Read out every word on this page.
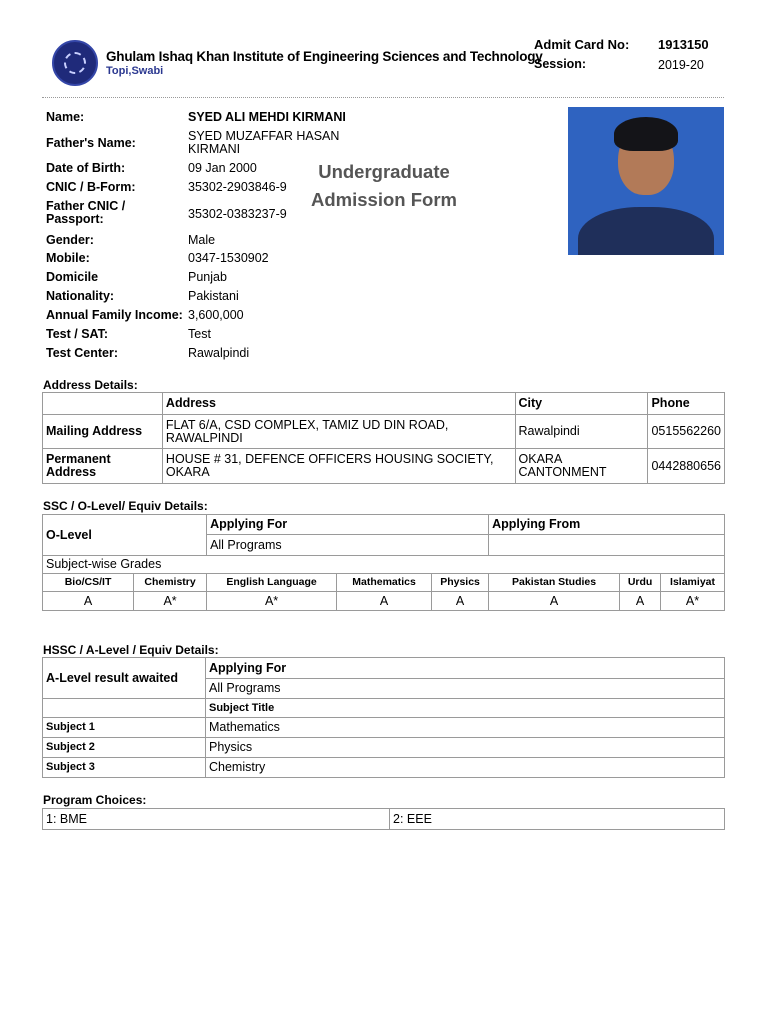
Ghulam Ishaq Khan Institute of Engineering Sciences and Technology
Topi,Swabi
Admit Card No: 1913150
Session:	2019-20
Undergraduate
Admission Form
Name:	SYED ALI MEHDI KIRMANI
Father's Name:	SYED MUZAFFAR HASAN KIRMANI
Date of Birth:	09 Jan 2000
CNIC / B-Form:	35302-2903846-9
Father CNIC / Passport:	35302-0383237-9
Gender:	Male
Mobile:	0347-1530902
Domicile	Punjab
Nationality:	Pakistani
Annual Family Income: 3,600,000
Test / SAT:	Test
Test Center:	Rawalpindi
Address Details:
	Address	City	Phone
Mailing Address	FLAT 6/A, CSD COMPLEX, TAMIZ UD DIN ROAD, RAWALPINDI	Rawalpindi	0515562260
Permanent Address	HOUSE # 31, DEFENCE OFFICERS HOUSING SOCIETY, OKARA	OKARA CANTONMENT	0442880656
SSC / O-Level/ Equiv Details:
O-Level		Applying For			Applying From		
		All Programs					
Subject-wise Grades							
Bio/CS/IT	Chemistry	English Language	Mathematics	Physics	Pakistan Studies	Urdu	Islamiyat
A	A*	A*	A	A	A	A	A*
HSSC / A-Level / Equiv Details:
A-Level result awaited	Applying For
	All Programs
	Subject Title
Subject 1	Mathematics
Subject 2	Physics
Subject 3	Chemistry
Program Choices:
1: BME	2: EEE
